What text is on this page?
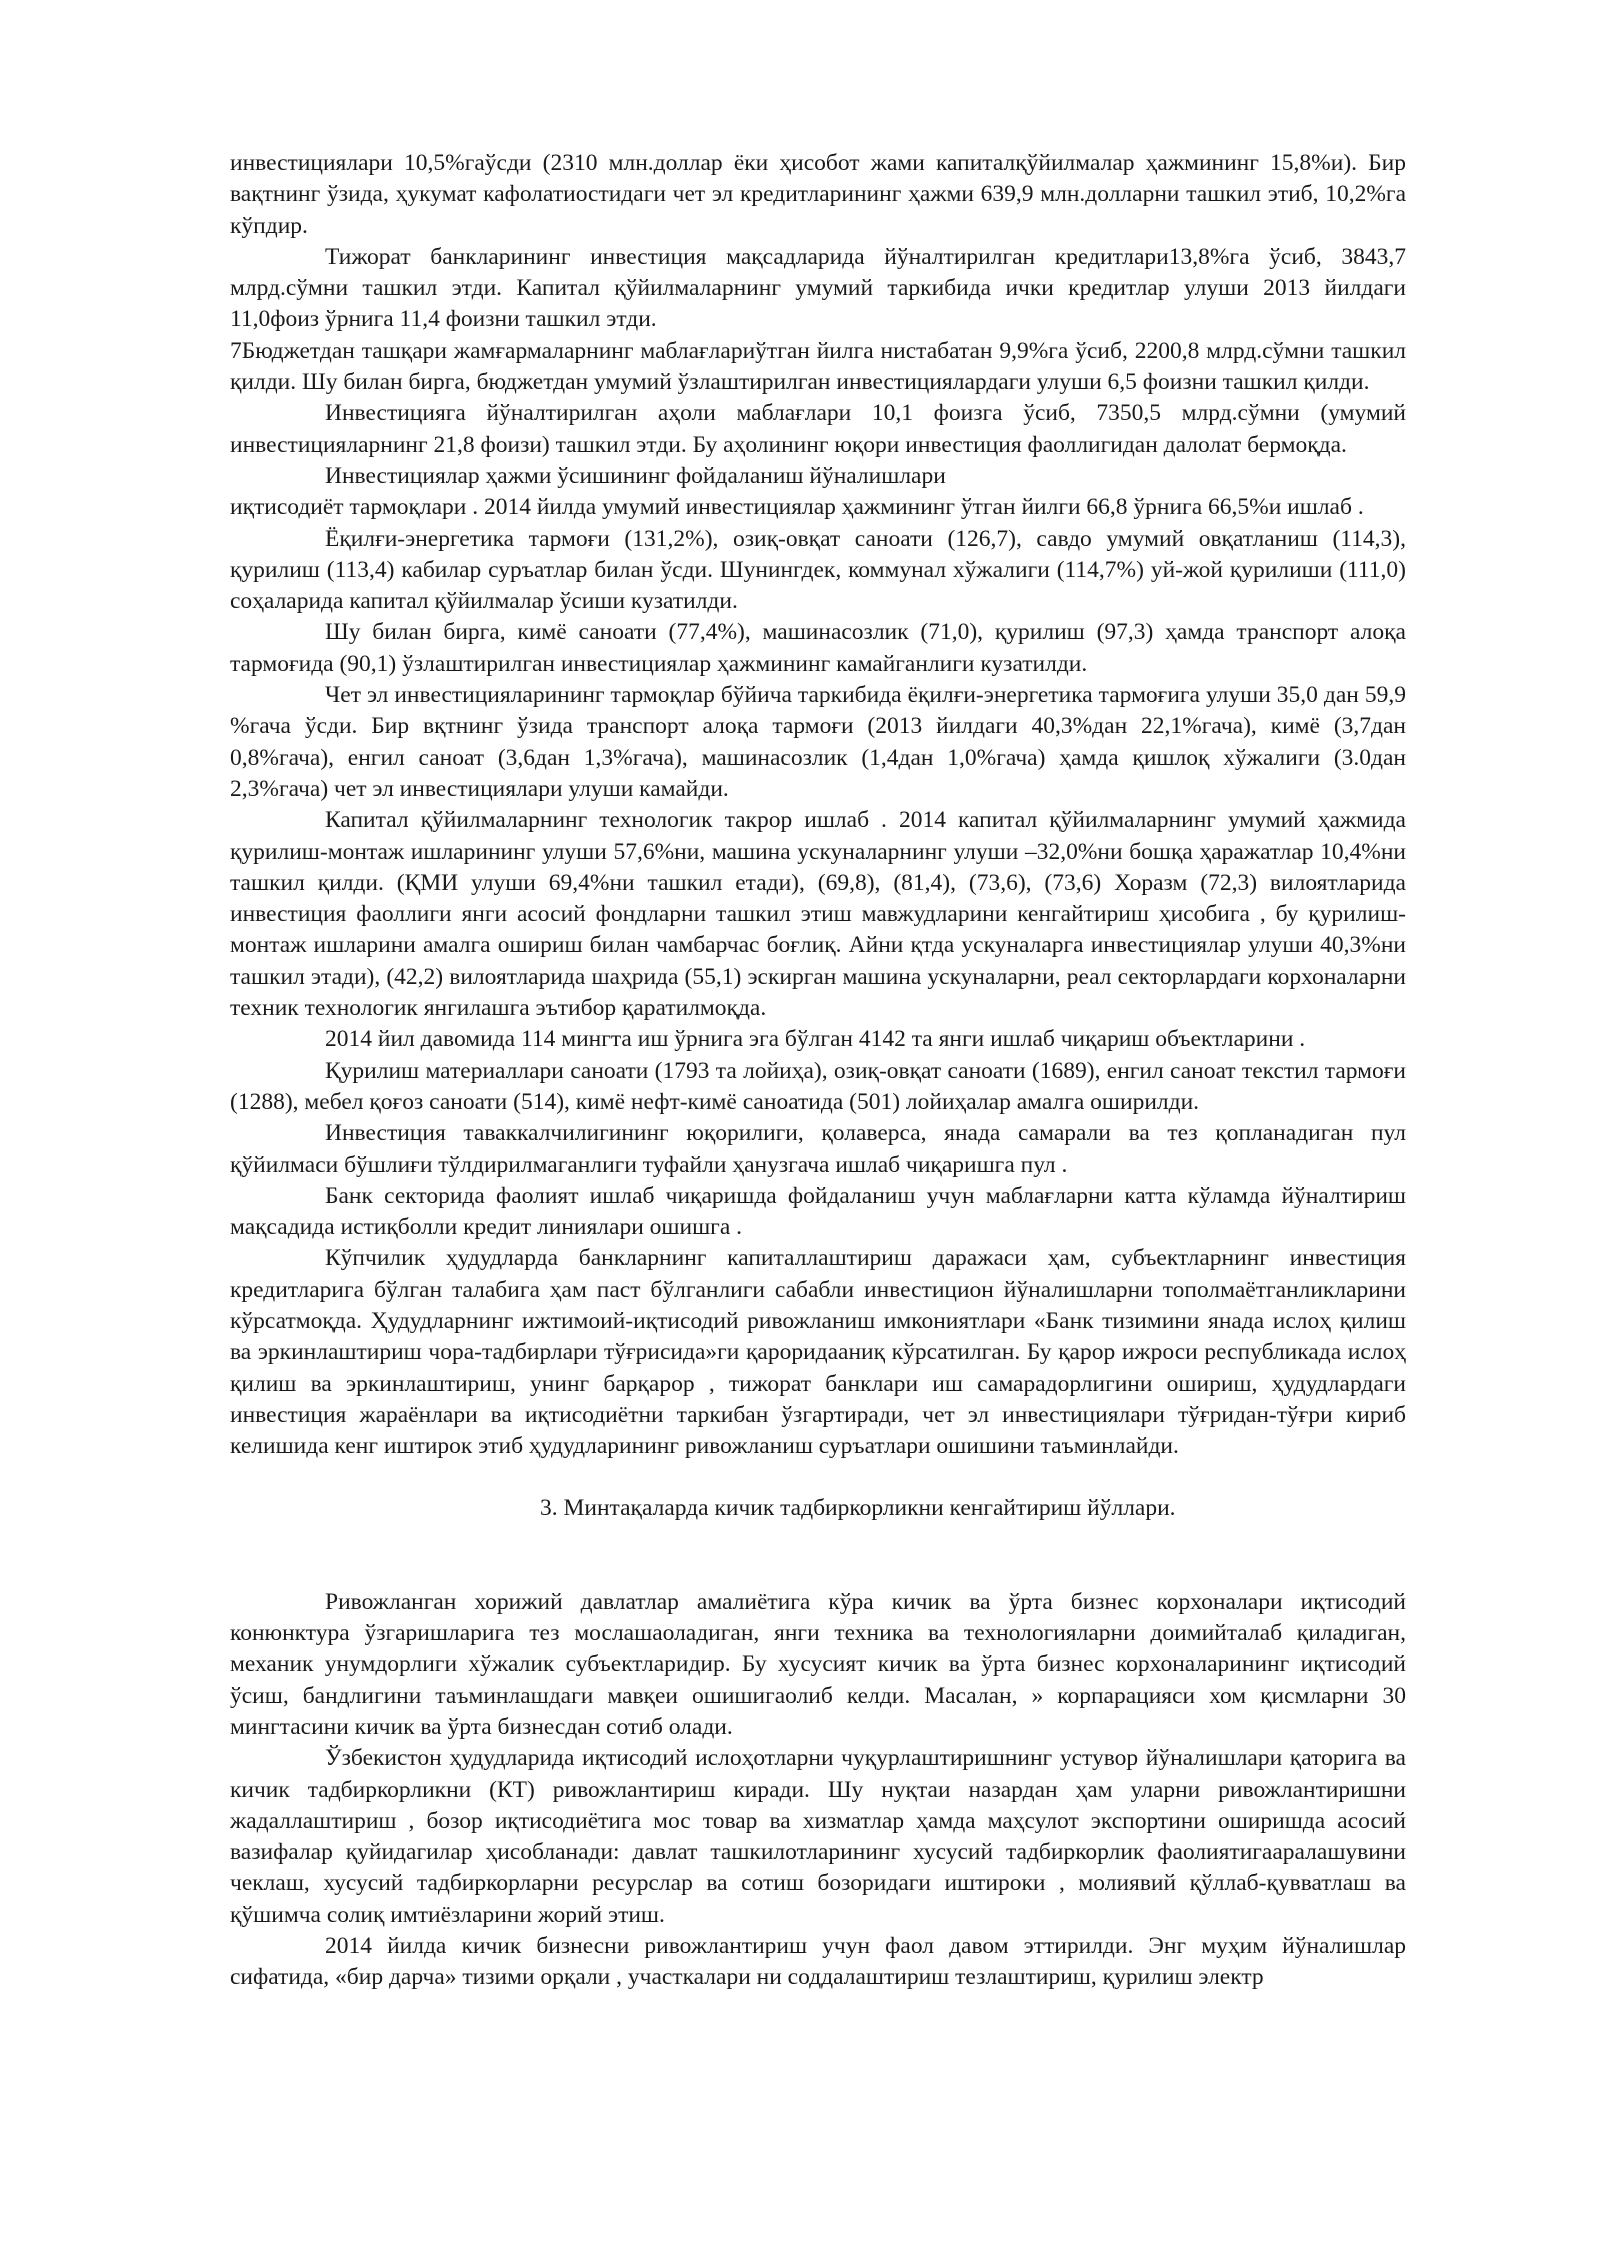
инвестициялари 10,5%гаўсди (2310 млн.доллар ёки ҳисобот жами капиталқўйилмалар ҳажмининг 15,8%и). Бир вақтнинг ўзида, ҳукумат кафолатиостидаги чет эл кредитларининг ҳажми 639,9 млн.долларни ташкил этиб, 10,2%га кўпдир.

Тижорат банкларининг инвестиция мақсадларида йўналтирилган кредитлари13,8%га ўсиб, 3843,7 млрд.сўмни ташкил этди. Капитал қўйилмаларнинг умумий таркибида ички кредитлар улуши 2013 йилдаги 11,0фоиз ўрнига 11,4 фоизни ташкил этди.

7Бюджетдан ташқари жамғармаларнинг маблағлариўтган йилга нистабатан 9,9%га ўсиб, 2200,8 млрд.сўмни ташкил қилди. Шу билан бирга, бюджетдан умумий ўзлаштирилган инвестициялардаги улуши 6,5 фоизни ташкил қилди.

Инвестицияга йўналтирилган аҳоли маблағлари 10,1 фоизга ўсиб, 7350,5 млрд.сўмни (умумий инвестицияларнинг 21,8 фоизи) ташкил этди. Бу аҳолининг юқори инвестиция фаоллигидан далолат бермоқда.

Инвестициялар ҳажми ўсишининг фойдаланиш йўналишлари

иқтисодиёт тармоқлари . 2014 йилда умумий инвестициялар ҳажмининг ўтган йилги 66,8 ўрнига 66,5%и ишлаб .

Ёқилғи-энергетика тармоғи (131,2%), озиқ-овқат саноати (126,7), савдо умумий овқатланиш (114,3), қурилиш (113,4) кабилар суръатлар билан ўсди. Шунингдек, коммунал хўжалиги (114,7%) уй-жой қурилиши (111,0) соҳаларида капитал қўйилмалар ўсиши кузатилди.

Шу билан бирга, кимё саноати (77,4%), машинасозлик (71,0), қурилиш (97,3) ҳамда транспорт алоқа тармоғида (90,1) ўзлаштирилган инвестициялар ҳажмининг камайганлиги кузатилди.

Чет эл инвестицияларининг тармоқлар бўйича таркибида ёқилғи-энергетика тармоғига улуши 35,0 дан 59,9 %гача ўсди. Бир вқтнинг ўзида транспорт алоқа тармоғи (2013 йилдаги 40,3%дан 22,1%гача), кимё (3,7дан 0,8%гача), енгил саноат (3,6дан 1,3%гача), машинасозлик (1,4дан 1,0%гача) ҳамда қишлоқ хўжалиги (3.0дан 2,3%гача) чет эл инвестициялари улуши камайди.

Капитал қўйилмаларнинг технологик такрор ишлаб . 2014 капитал қўйилмаларнинг умумий ҳажмида қурилиш-монтаж ишларининг улуши 57,6%ни, машина ускуналарнинг улуши –32,0%ни бошқа ҳаражатлар 10,4%ни ташкил қилди. (ҚМИ улуши 69,4%ни ташкил етади), (69,8), (81,4), (73,6), (73,6) Хоразм (72,3) вилоятларида инвестиция фаоллиги янги асосий фондларни ташкил этиш мавжудларини кенгайтириш ҳисобига , бу қурилиш-монтаж ишларини амалга ошириш билан чамбарчас боғлиқ. Айни қтда ускуналарга инвестициялар улуши 40,3%ни ташкил этади), (42,2) вилоятларида шаҳрида (55,1) эскирган машина ускуналарни, реал секторлардаги корхоналарни техник технологик янгилашга эътибор қаратилмоқда.

2014 йил давомида 114 мингта иш ўрнига эга бўлган 4142 та янги ишлаб чиқариш объектларини .

Қурилиш материаллари саноати (1793 та лойиҳа), озиқ-овқат саноати (1689), енгил саноат текстил тармоғи (1288), мебел қоғоз саноати (514), кимё нефт-кимё саноатида (501) лойиҳалар амалга оширилди.

Инвестиция таваккалчилигининг юқорилиги, қолаверса, янада самарали ва тез қопланадиган пул қўйилмаси бўшлиғи тўлдирилмаганлиги туфайли ҳанузгача ишлаб чиқаришга пул .

Банк секторида фаолият ишлаб чиқаришда фойдаланиш учун маблағларни катта кўламда йўналтириш мақсадида истиқболли кредит линиялари ошишга .

Кўпчилик ҳудудларда банкларнинг капиталлаштириш даражаси ҳам, субъектларнинг инвестиция кредитларига бўлган талабига ҳам паст бўлганлиги сабабли инвестицион йўналишларни тополмаётганликларини кўрсатмоқда. Ҳудудларнинг ижтимоий-иқтисодий ривожланиш имкониятлари «Банк тизимини янада ислоҳ қилиш ва эркинлаштириш чора-тадбирлари тўғрисида»ги қароридааниқ кўрсатилган. Бу қарор ижроси республикада ислоҳ қилиш ва эркинлаштириш, унинг барқарор , тижорат банклари иш самарадорлигини ошириш, ҳудудлардаги инвестиция жараёнлари ва иқтисодиётни таркибан ўзгартиради, чет эл инвестициялари тўғридан-тўғри кириб келишида кенг иштирок этиб ҳудудларининг ривожланиш суръатлари ошишини таъминлайди.

3. Минтақаларда кичик тадбиркорликни кенгайтириш йўллари.

Ривожланган хорижий давлатлар амалиётига кўра кичик ва ўрта бизнес корхоналари иқтисодий конюнктура ўзгаришларига тез мослашаоладиган, янги техника ва технологияларни доимийталаб қиладиган, механик унумдорлиги хўжалик субъектларидир. Бу хусусият кичик ва ўрта бизнес корхоналарининг иқтисодий ўсиш, бандлигини таъминлашдаги мавқеи ошишигаолиб келди. Масалан, » корпарацияси хом қисмларни 30 мингтасини кичик ва ўрта бизнесдан сотиб олади.

Ўзбекистон ҳудудларида иқтисодий ислоҳотларни чуқурлаштиришнинг устувор йўналишлари қаторига ва кичик тадбиркорликни (КТ) ривожлантириш киради. Шу нуқтаи назардан ҳам уларни ривожлантиришни жадаллаштириш , бозор иқтисодиётига мос товар ва хизматлар ҳамда маҳсулот экспортини оширишда асосий вазифалар қуйидагилар ҳисобланади: давлат ташкилотларининг хусусий тадбиркорлик фаолиятигааралашувини чеклаш, хусусий тадбиркорларни ресурслар ва сотиш бозоридаги иштироки , молиявий қўллаб-қувватлаш ва қўшимча солиқ имтиёзларини жорий этиш.

2014 йилда кичик бизнесни ривожлантириш учун фаол давом эттирилди. Энг муҳим йўналишлар сифатида, «бир дарча» тизими орқали , участкалари ни соддалаштириш тезлаштириш, қурилиш электр
